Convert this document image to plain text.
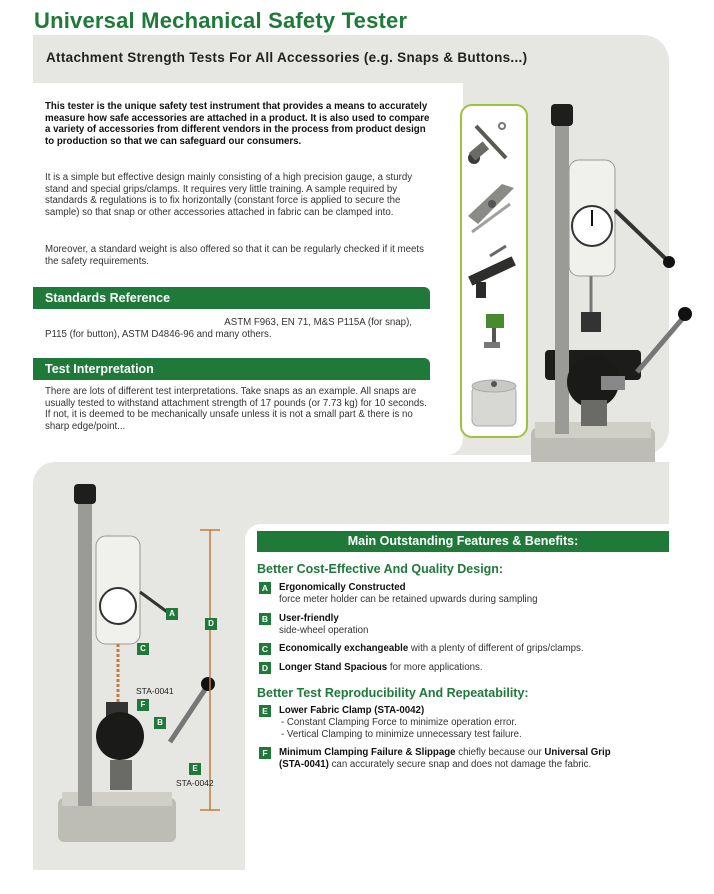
Universal Mechanical Safety Tester
Attachment Strength Tests For All Accessories (e.g. Snaps & Buttons...)
This tester is the unique safety test instrument that provides a means to accurately measure how safe accessories are attached in a product. It is also used to compare a variety of accessories from different vendors in the process from product design to production so that we can safeguard our consumers.
It is a simple but effective design mainly consisting of a high precision gauge, a sturdy stand and special grips/clamps. It requires very little training. A sample required by standards & regulations is to fix horizontally (constant force is applied to secure the sample) so that snap or other accessories attached in fabric can be clamped into.
Moreover, a standard weight is also offered so that it can be regularly checked if it meets the safety requirements.
Standards Reference
ASTM F963, EN 71, M&S P115A (for snap),
P115 (for button), ASTM D4846-96 and many others.
Test Interpretation
There are lots of different test interpretations. Take snaps as an example. All snaps are usually tested to withstand attachment strength of 17 pounds (or 7.73 kg) for 10 seconds. If not, it is deemed to be mechanically unsafe unless it is not a small part & there is no sharp edge/point...
A
D
C
STA-0041
F
B
E
STA-0042
Main Outstanding Features & Benefits:
Better Cost-Effective And Quality Design:
A	Ergonomically Constructed
force meter holder can be retained upwards during sampling
B	User-friendly
side-wheel operation
C	Economically exchangeable with a plenty of different of grips/clamps.
D	Longer Stand Spacious for more applications.
Better Test Reproducibility And Repeatability:
E	Lower Fabric Clamp (STA-0042)
- Constant Clamping Force to minimize operation error.
- Vertical Clamping to minimize unnecessary test failure.
F	Minimum Clamping Failure & Slippage chiefly because our Universal Grip
(STA-0041) can accurately secure snap and does not damage the fabric.
